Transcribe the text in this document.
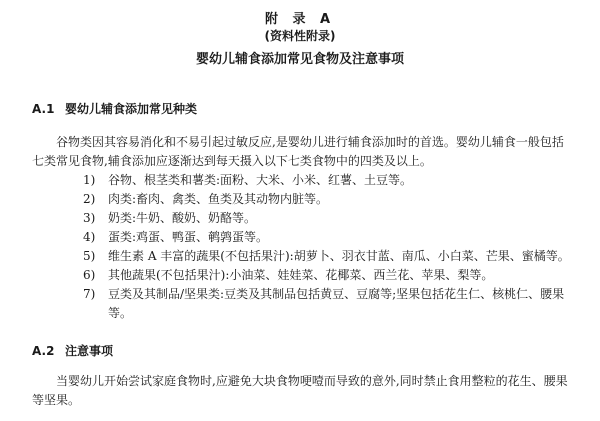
附 录 A
(资料性附录)
婴幼儿辅食添加常见食物及注意事项
A.1 婴幼儿辅食添加常见种类

谷物类因其容易消化和不易引起过敏反应,是婴幼儿进行辅食添加时的首选。婴幼儿辅食一般包括七类常见食物,辅食添加应逐渐达到每天摄入以下七类食物中的四类及以上。

1) 谷物、根茎类和薯类:面粉、大米、小米、红薯、土豆等。
2) 肉类:畜肉、禽类、鱼类及其动物内脏等。
3) 奶类:牛奶、酸奶、奶酪等。
4) 蛋类:鸡蛋、鸭蛋、鹌鹑蛋等。
5) 维生素 A 丰富的蔬果(不包括果汁):胡萝卜、羽衣甘蓝、南瓜、小白菜、芒果、蜜橘等。
6) 其他蔬果(不包括果汁):小油菜、娃娃菜、花椰菜、西兰花、苹果、梨等。
7) 豆类及其制品/坚果类:豆类及其制品包括黄豆、豆腐等;坚果包括花生仁、核桃仁、腰果等。
A.2 注意事项

当婴幼儿开始尝试家庭食物时,应避免大块食物哽噎而导致的意外,同时禁止食用整粒的花生、腰果等坚果。
